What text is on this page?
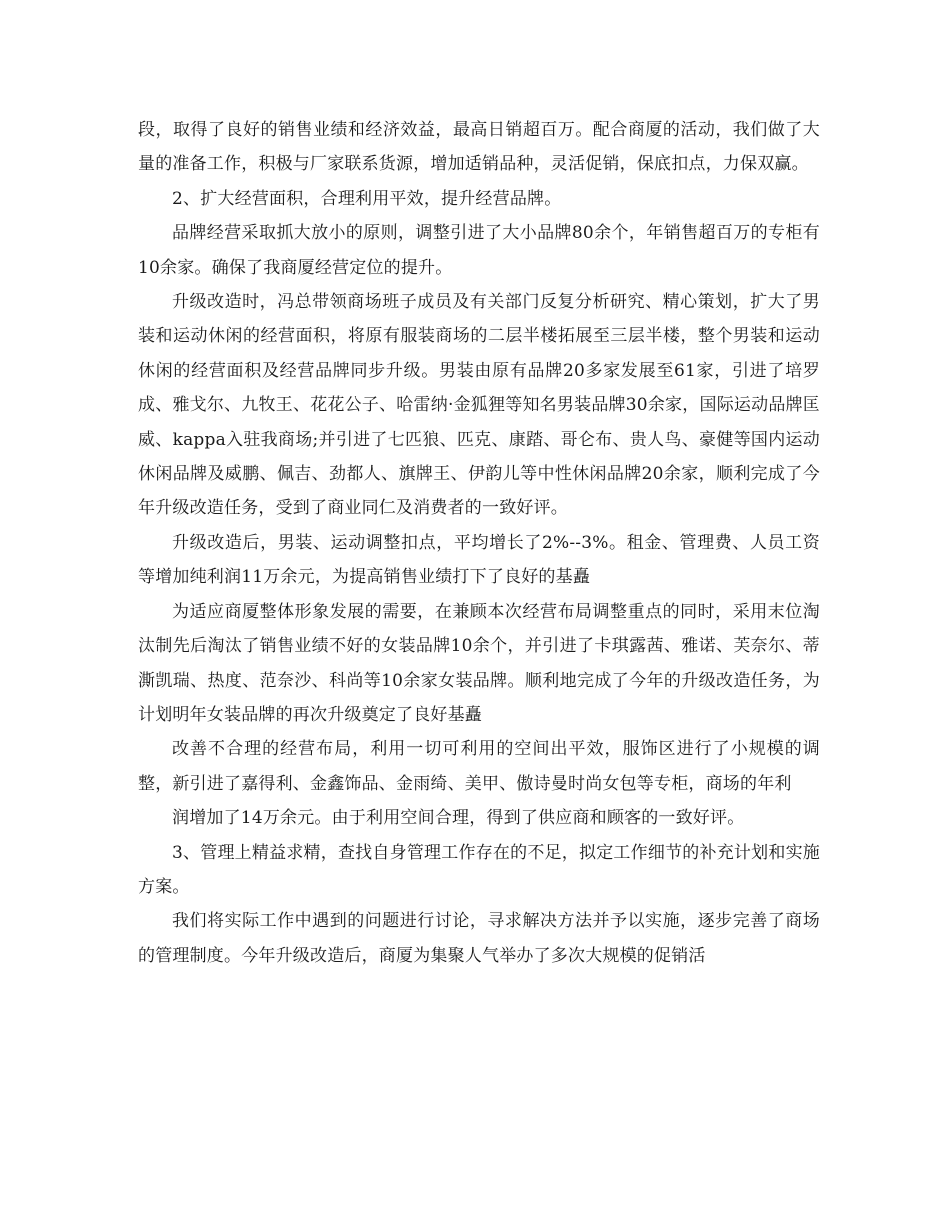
段，取得了良好的销售业绩和经济效益，最高日销超百万。配合商厦的活动，我们做了大量的准备工作，积极与厂家联系货源，增加适销品种，灵活促销，保底扣点，力保双赢。

2、扩大经营面积，合理利用平效，提升经营品牌。

品牌经营采取抓大放小的原则，调整引进了大小品牌80余个，年销售超百万的专柜有10余家。确保了我商厦经营定位的提升。

升级改造时，冯总带领商场班子成员及有关部门反复分析研究、精心策划，扩大了男装和运动休闲的经营面积，将原有服装商场的二层半楼拓展至三层半楼，整个男装和运动休闲的经营面积及经营品牌同步升级。男装由原有品牌20多家发展至61家，引进了培罗成、雅戈尔、九牧王、花花公子、哈雷纳·金狐狸等知名男装品牌30余家，国际运动品牌匡威、kappa入驻我商场;并引进了七匹狼、匹克、康踏、哥仑布、贵人鸟、豪健等国内运动休闲品牌及威鹏、佩吉、劲都人、旗牌王、伊韵儿等中性休闲品牌20余家，顺利完成了今年升级改造任务，受到了商业同仁及消费者的一致好评。

升级改造后，男装、运动调整扣点，平均增长了2%--3%。租金、管理费、人员工资等增加纯利润11万余元，为提高销售业绩打下了良好的基矗

为适应商厦整体形象发展的需要，在兼顾本次经营布局调整重点的同时，采用末位淘汰制先后淘汰了销售业绩不好的女装品牌10余个，并引进了卡琪露茜、雅诺、芙奈尔、蒂澌凯瑞、热度、范奈沙、科尚等10余家女装品牌。顺利地完成了今年的升级改造任务，为计划明年女装品牌的再次升级奠定了良好基矗

改善不合理的经营布局，利用一切可利用的空间出平效，服饰区进行了小规模的调整，新引进了嘉得利、金鑫饰品、金雨绮、美甲、傲诗曼时尚女包等专柜，商场的年利

润增加了14万余元。由于利用空间合理，得到了供应商和顾客的一致好评。

3、管理上精益求精，查找自身管理工作存在的不足，拟定工作细节的补充计划和实施方案。

我们将实际工作中遇到的问题进行讨论，寻求解决方法并予以实施，逐步完善了商场的管理制度。今年升级改造后，商厦为集聚人气举办了多次大规模的促销活
